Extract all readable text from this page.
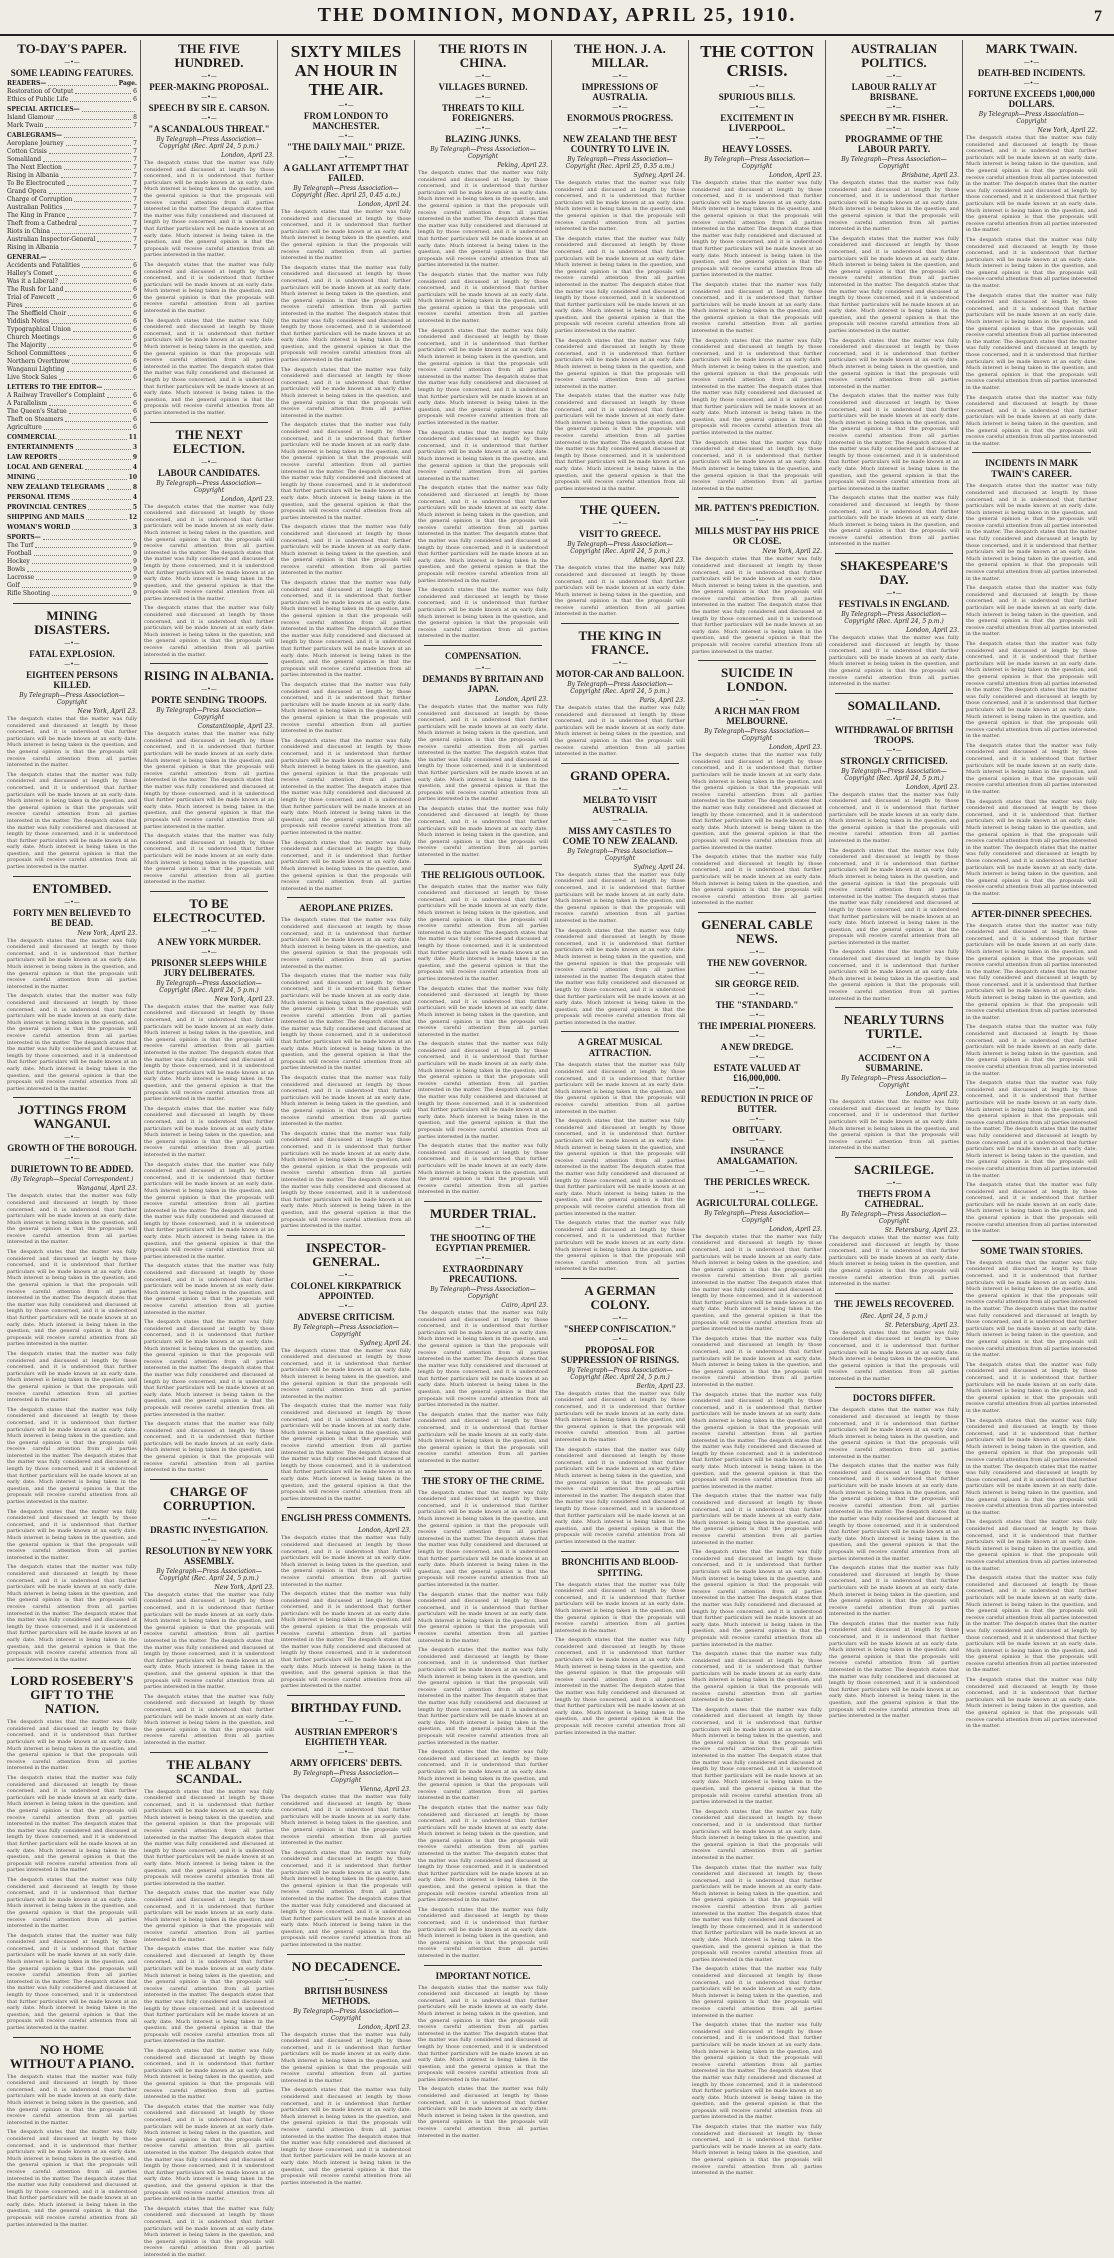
THE DOMINION, MONDAY, APRIL 25, 1910.	7
TO-DAY'S PAPER.
—•—
SOME LEADING FEATURES.
READERS—	Page.
Restoration of Output	6
Ethics of Public Life	6
SPECIAL ARTICLES—
Island Glamour	8
Mark Twain	7
CABLEGRAMS—
Aeroplane Journey	7
Cotton Crisis	7
Somaliland	7
The Next Election	7
Rising in Albania	7
To Be Electrocuted	7
Grand Opera	7
Charge of Corruption	7
Australian Politics	7
The King in France	7
Theft from a Cathedral	7
Riots in China	7
Australian Inspector-General	7
Rising in Albania	7
GENERAL—
Accidents and Fatalities	6
Halley's Comet	6
Was it a Liberal?	6
The Rush for Land	6
Trial of Fawcett	6
Fires	6
The Sheffield Choir	6
Yiddish Notes	6
Typographical Union	6
Church Meetings	6
The Majority	6
School Committees	6
Northern Overthrow	6
Wanganui Lighting	6
Live Stock Sales	6
LETTERS TO THE EDITOR—
A Railway Traveller's Complaint	6
A Parallelism	6
The Queen's Statue	6
Theft on Steamers	6
Agriculture	6
COMMERCIAL	11
ENTERTAINMENTS	3
LAW REPORTS	9
LOCAL AND GENERAL	4
MINING	10
NEW ZEALAND TELEGRAMS	8
PERSONAL ITEMS	4
PROVINCIAL CENTRES	5
SHIPPING AND MAILS	12
WOMAN'S WORLD	3
SPORTS—
The Turf	9
Football	9
Hockey	9
Bowls	9
Lacrosse	9
Golf	9
Rifle Shooting	9
MINING DISASTERS.
—•—
FATAL EXPLOSION.
—•—
EIGHTEEN PERSONS KILLED.
By Telegraph—Press Association—Copyright
New York, April 23.

The despatch states that the matter was fully considered and discussed at length by those concerned, and it is understood that further particulars will be made known at an early date. Much interest is being taken in the question, and the general opinion is that the proposals will receive careful attention from all parties interested in the matter.

The despatch states that the matter was fully considered and discussed at length by those concerned, and it is understood that further particulars will be made known at an early date. Much interest is being taken in the question, and the general opinion is that the proposals will receive careful attention from all parties interested in the matter. The despatch states that the matter was fully considered and discussed at length by those concerned, and it is understood that further particulars will be made known at an early date. Much interest is being taken in the question, and the general opinion is that the proposals will receive careful attention from all parties interested in the matter.

ENTOMBED.
—•—
FORTY MEN BELIEVED TO BE DEAD.
New York, April 23.

The despatch states that the matter was fully considered and discussed at length by those concerned, and it is understood that further particulars will be made known at an early date. Much interest is being taken in the question, and the general opinion is that the proposals will receive careful attention from all parties interested in the matter.

The despatch states that the matter was fully considered and discussed at length by those concerned, and it is understood that further particulars will be made known at an early date. Much interest is being taken in the question, and the general opinion is that the proposals will receive careful attention from all parties interested in the matter. The despatch states that the matter was fully considered and discussed at length by those concerned, and it is understood that further particulars will be made known at an early date. Much interest is being taken in the question, and the general opinion is that the proposals will receive careful attention from all parties interested in the matter.

JOTTINGS FROM WANGANUI.
—•—
GROWTH OF THE BOROUGH.
—•—
DURIETOWN TO BE ADDED.
(By Telegraph—Special Correspondent.)
Wanganui, April 23.

The despatch states that the matter was fully considered and discussed at length by those concerned, and it is understood that further particulars will be made known at an early date. Much interest is being taken in the question, and the general opinion is that the proposals will receive careful attention from all parties interested in the matter.

The despatch states that the matter was fully considered and discussed at length by those concerned, and it is understood that further particulars will be made known at an early date. Much interest is being taken in the question, and the general opinion is that the proposals will receive careful attention from all parties interested in the matter. The despatch states that the matter was fully considered and discussed at length by those concerned, and it is understood that further particulars will be made known at an early date. Much interest is being taken in the question, and the general opinion is that the proposals will receive careful attention from all parties interested in the matter.

The despatch states that the matter was fully considered and discussed at length by those concerned, and it is understood that further particulars will be made known at an early date. Much interest is being taken in the question, and the general opinion is that the proposals will receive careful attention from all parties interested in the matter.

The despatch states that the matter was fully considered and discussed at length by those concerned, and it is understood that further particulars will be made known at an early date. Much interest is being taken in the question, and the general opinion is that the proposals will receive careful attention from all parties interested in the matter. The despatch states that the matter was fully considered and discussed at length by those concerned, and it is understood that further particulars will be made known at an early date. Much interest is being taken in the question, and the general opinion is that the proposals will receive careful attention from all parties interested in the matter.

The despatch states that the matter was fully considered and discussed at length by those concerned, and it is understood that further particulars will be made known at an early date. Much interest is being taken in the question, and the general opinion is that the proposals will receive careful attention from all parties interested in the matter.

The despatch states that the matter was fully considered and discussed at length by those concerned, and it is understood that further particulars will be made known at an early date. Much interest is being taken in the question, and the general opinion is that the proposals will receive careful attention from all parties interested in the matter. The despatch states that the matter was fully considered and discussed at length by those concerned, and it is understood that further particulars will be made known at an early date. Much interest is being taken in the question, and the general opinion is that the proposals will receive careful attention from all parties interested in the matter.

LORD ROSEBERY'S GIFT TO THE NATION.

The despatch states that the matter was fully considered and discussed at length by those concerned, and it is understood that further particulars will be made known at an early date. Much interest is being taken in the question, and the general opinion is that the proposals will receive careful attention from all parties interested in the matter.

The despatch states that the matter was fully considered and discussed at length by those concerned, and it is understood that further particulars will be made known at an early date. Much interest is being taken in the question, and the general opinion is that the proposals will receive careful attention from all parties interested in the matter. The despatch states that the matter was fully considered and discussed at length by those concerned, and it is understood that further particulars will be made known at an early date. Much interest is being taken in the question, and the general opinion is that the proposals will receive careful attention from all parties interested in the matter.

The despatch states that the matter was fully considered and discussed at length by those concerned, and it is understood that further particulars will be made known at an early date. Much interest is being taken in the question, and the general opinion is that the proposals will receive careful attention from all parties interested in the matter.

The despatch states that the matter was fully considered and discussed at length by those concerned, and it is understood that further particulars will be made known at an early date. Much interest is being taken in the question, and the general opinion is that the proposals will receive careful attention from all parties interested in the matter. The despatch states that the matter was fully considered and discussed at length by those concerned, and it is understood that further particulars will be made known at an early date. Much interest is being taken in the question, and the general opinion is that the proposals will receive careful attention from all parties interested in the matter.

NO HOME WITHOUT A PIANO.

The despatch states that the matter was fully considered and discussed at length by those concerned, and it is understood that further particulars will be made known at an early date. Much interest is being taken in the question, and the general opinion is that the proposals will receive careful attention from all parties interested in the matter.

The despatch states that the matter was fully considered and discussed at length by those concerned, and it is understood that further particulars will be made known at an early date. Much interest is being taken in the question, and the general opinion is that the proposals will receive careful attention from all parties interested in the matter. The despatch states that the matter was fully considered and discussed at length by those concerned, and it is understood that further particulars will be made known at an early date. Much interest is being taken in the question, and the general opinion is that the proposals will receive careful attention from all parties interested in the matter.

THE FIVE HUNDRED.
—•—
PEER-MAKING PROPOSAL.
—•—
SPEECH BY SIR E. CARSON.
—•—
"A SCANDALOUS THREAT."
By Telegraph—Press Association—Copyright (Rec. April 24, 5 p.m.)
London, April 23.

The despatch states that the matter was fully considered and discussed at length by those concerned, and it is understood that further particulars will be made known at an early date. Much interest is being taken in the question, and the general opinion is that the proposals will receive careful attention from all parties interested in the matter. The despatch states that the matter was fully considered and discussed at length by those concerned, and it is understood that further particulars will be made known at an early date. Much interest is being taken in the question, and the general opinion is that the proposals will receive careful attention from all parties interested in the matter.

The despatch states that the matter was fully considered and discussed at length by those concerned, and it is understood that further particulars will be made known at an early date. Much interest is being taken in the question, and the general opinion is that the proposals will receive careful attention from all parties interested in the matter.

The despatch states that the matter was fully considered and discussed at length by those concerned, and it is understood that further particulars will be made known at an early date. Much interest is being taken in the question, and the general opinion is that the proposals will receive careful attention from all parties interested in the matter. The despatch states that the matter was fully considered and discussed at length by those concerned, and it is understood that further particulars will be made known at an early date. Much interest is being taken in the question, and the general opinion is that the proposals will receive careful attention from all parties interested in the matter.

THE NEXT ELECTION.
—•—
LABOUR CANDIDATES.
By Telegraph—Press Association—Copyright
London, April 23.

The despatch states that the matter was fully considered and discussed at length by those concerned, and it is understood that further particulars will be made known at an early date. Much interest is being taken in the question, and the general opinion is that the proposals will receive careful attention from all parties interested in the matter. The despatch states that the matter was fully considered and discussed at length by those concerned, and it is understood that further particulars will be made known at an early date. Much interest is being taken in the question, and the general opinion is that the proposals will receive careful attention from all parties interested in the matter.

The despatch states that the matter was fully considered and discussed at length by those concerned, and it is understood that further particulars will be made known at an early date. Much interest is being taken in the question, and the general opinion is that the proposals will receive careful attention from all parties interested in the matter.

RISING IN ALBANIA.
—•—
PORTE SENDING TROOPS.
By Telegraph—Press Association—Copyright
Constantinople, April 23.

The despatch states that the matter was fully considered and discussed at length by those concerned, and it is understood that further particulars will be made known at an early date. Much interest is being taken in the question, and the general opinion is that the proposals will receive careful attention from all parties interested in the matter. The despatch states that the matter was fully considered and discussed at length by those concerned, and it is understood that further particulars will be made known at an early date. Much interest is being taken in the question, and the general opinion is that the proposals will receive careful attention from all parties interested in the matter.

The despatch states that the matter was fully considered and discussed at length by those concerned, and it is understood that further particulars will be made known at an early date. Much interest is being taken in the question, and the general opinion is that the proposals will receive careful attention from all parties interested in the matter.

TO BE ELECTROCUTED.
—•—
A NEW YORK MURDER.
—•—
PRISONER SLEEPS WHILE JURY DELIBERATES.
By Telegraph—Press Association—Copyright (Rec. April 24, 5 p.m.)
New York, April 23.

The despatch states that the matter was fully considered and discussed at length by those concerned, and it is understood that further particulars will be made known at an early date. Much interest is being taken in the question, and the general opinion is that the proposals will receive careful attention from all parties interested in the matter. The despatch states that the matter was fully considered and discussed at length by those concerned, and it is understood that further particulars will be made known at an early date. Much interest is being taken in the question, and the general opinion is that the proposals will receive careful attention from all parties interested in the matter.

The despatch states that the matter was fully considered and discussed at length by those concerned, and it is understood that further particulars will be made known at an early date. Much interest is being taken in the question, and the general opinion is that the proposals will receive careful attention from all parties interested in the matter.

The despatch states that the matter was fully considered and discussed at length by those concerned, and it is understood that further particulars will be made known at an early date. Much interest is being taken in the question, and the general opinion is that the proposals will receive careful attention from all parties interested in the matter. The despatch states that the matter was fully considered and discussed at length by those concerned, and it is understood that further particulars will be made known at an early date. Much interest is being taken in the question, and the general opinion is that the proposals will receive careful attention from all parties interested in the matter.

The despatch states that the matter was fully considered and discussed at length by those concerned, and it is understood that further particulars will be made known at an early date. Much interest is being taken in the question, and the general opinion is that the proposals will receive careful attention from all parties interested in the matter.

The despatch states that the matter was fully considered and discussed at length by those concerned, and it is understood that further particulars will be made known at an early date. Much interest is being taken in the question, and the general opinion is that the proposals will receive careful attention from all parties interested in the matter. The despatch states that the matter was fully considered and discussed at length by those concerned, and it is understood that further particulars will be made known at an early date. Much interest is being taken in the question, and the general opinion is that the proposals will receive careful attention from all parties interested in the matter.

The despatch states that the matter was fully considered and discussed at length by those concerned, and it is understood that further particulars will be made known at an early date. Much interest is being taken in the question, and the general opinion is that the proposals will receive careful attention from all parties interested in the matter.

CHARGE OF CORRUPTION.
—•—
DRASTIC INVESTIGATION.
—•—
RESOLUTION BY NEW YORK ASSEMBLY.
By Telegraph—Press Association—Copyright (Rec. April 24, 5 p.m.)
New York, April 23.

The despatch states that the matter was fully considered and discussed at length by those concerned, and it is understood that further particulars will be made known at an early date. Much interest is being taken in the question, and the general opinion is that the proposals will receive careful attention from all parties interested in the matter. The despatch states that the matter was fully considered and discussed at length by those concerned, and it is understood that further particulars will be made known at an early date. Much interest is being taken in the question, and the general opinion is that the proposals will receive careful attention from all parties interested in the matter.

The despatch states that the matter was fully considered and discussed at length by those concerned, and it is understood that further particulars will be made known at an early date. Much interest is being taken in the question, and the general opinion is that the proposals will receive careful attention from all parties interested in the matter.

THE ALBANY SCANDAL.

The despatch states that the matter was fully considered and discussed at length by those concerned, and it is understood that further particulars will be made known at an early date. Much interest is being taken in the question, and the general opinion is that the proposals will receive careful attention from all parties interested in the matter. The despatch states that the matter was fully considered and discussed at length by those concerned, and it is understood that further particulars will be made known at an early date. Much interest is being taken in the question, and the general opinion is that the proposals will receive careful attention from all parties interested in the matter.

The despatch states that the matter was fully considered and discussed at length by those concerned, and it is understood that further particulars will be made known at an early date. Much interest is being taken in the question, and the general opinion is that the proposals will receive careful attention from all parties interested in the matter.

The despatch states that the matter was fully considered and discussed at length by those concerned, and it is understood that further particulars will be made known at an early date. Much interest is being taken in the question, and the general opinion is that the proposals will receive careful attention from all parties interested in the matter. The despatch states that the matter was fully considered and discussed at length by those concerned, and it is understood that further particulars will be made known at an early date. Much interest is being taken in the question, and the general opinion is that the proposals will receive careful attention from all parties interested in the matter.

The despatch states that the matter was fully considered and discussed at length by those concerned, and it is understood that further particulars will be made known at an early date. Much interest is being taken in the question, and the general opinion is that the proposals will receive careful attention from all parties interested in the matter.

The despatch states that the matter was fully considered and discussed at length by those concerned, and it is understood that further particulars will be made known at an early date. Much interest is being taken in the question, and the general opinion is that the proposals will receive careful attention from all parties interested in the matter. The despatch states that the matter was fully considered and discussed at length by those concerned, and it is understood that further particulars will be made known at an early date. Much interest is being taken in the question, and the general opinion is that the proposals will receive careful attention from all parties interested in the matter.

The despatch states that the matter was fully considered and discussed at length by those concerned, and it is understood that further particulars will be made known at an early date. Much interest is being taken in the question, and the general opinion is that the proposals will receive careful attention from all parties interested in the matter.

SIXTY MILES AN HOUR IN THE AIR.
—•—
FROM LONDON TO MANCHESTER.
—•—
"THE DAILY MAIL" PRIZE.
—•—
A GALLANT ATTEMPT THAT FAILED.
By Telegraph—Press Association—Copyright (Rec. April 25, 0.45 a.m.)
London, April 24.

The despatch states that the matter was fully considered and discussed at length by those concerned, and it is understood that further particulars will be made known at an early date. Much interest is being taken in the question, and the general opinion is that the proposals will receive careful attention from all parties interested in the matter.

The despatch states that the matter was fully considered and discussed at length by those concerned, and it is understood that further particulars will be made known at an early date. Much interest is being taken in the question, and the general opinion is that the proposals will receive careful attention from all parties interested in the matter. The despatch states that the matter was fully considered and discussed at length by those concerned, and it is understood that further particulars will be made known at an early date. Much interest is being taken in the question, and the general opinion is that the proposals will receive careful attention from all parties interested in the matter.

The despatch states that the matter was fully considered and discussed at length by those concerned, and it is understood that further particulars will be made known at an early date. Much interest is being taken in the question, and the general opinion is that the proposals will receive careful attention from all parties interested in the matter.

The despatch states that the matter was fully considered and discussed at length by those concerned, and it is understood that further particulars will be made known at an early date. Much interest is being taken in the question, and the general opinion is that the proposals will receive careful attention from all parties interested in the matter. The despatch states that the matter was fully considered and discussed at length by those concerned, and it is understood that further particulars will be made known at an early date. Much interest is being taken in the question, and the general opinion is that the proposals will receive careful attention from all parties interested in the matter.

The despatch states that the matter was fully considered and discussed at length by those concerned, and it is understood that further particulars will be made known at an early date. Much interest is being taken in the question, and the general opinion is that the proposals will receive careful attention from all parties interested in the matter.

The despatch states that the matter was fully considered and discussed at length by those concerned, and it is understood that further particulars will be made known at an early date. Much interest is being taken in the question, and the general opinion is that the proposals will receive careful attention from all parties interested in the matter. The despatch states that the matter was fully considered and discussed at length by those concerned, and it is understood that further particulars will be made known at an early date. Much interest is being taken in the question, and the general opinion is that the proposals will receive careful attention from all parties interested in the matter.

The despatch states that the matter was fully considered and discussed at length by those concerned, and it is understood that further particulars will be made known at an early date. Much interest is being taken in the question, and the general opinion is that the proposals will receive careful attention from all parties interested in the matter.

The despatch states that the matter was fully considered and discussed at length by those concerned, and it is understood that further particulars will be made known at an early date. Much interest is being taken in the question, and the general opinion is that the proposals will receive careful attention from all parties interested in the matter. The despatch states that the matter was fully considered and discussed at length by those concerned, and it is understood that further particulars will be made known at an early date. Much interest is being taken in the question, and the general opinion is that the proposals will receive careful attention from all parties interested in the matter.

The despatch states that the matter was fully considered and discussed at length by those concerned, and it is understood that further particulars will be made known at an early date. Much interest is being taken in the question, and the general opinion is that the proposals will receive careful attention from all parties interested in the matter.

AEROPLANE PRIZES.

The despatch states that the matter was fully considered and discussed at length by those concerned, and it is understood that further particulars will be made known at an early date. Much interest is being taken in the question, and the general opinion is that the proposals will receive careful attention from all parties interested in the matter.

The despatch states that the matter was fully considered and discussed at length by those concerned, and it is understood that further particulars will be made known at an early date. Much interest is being taken in the question, and the general opinion is that the proposals will receive careful attention from all parties interested in the matter. The despatch states that the matter was fully considered and discussed at length by those concerned, and it is understood that further particulars will be made known at an early date. Much interest is being taken in the question, and the general opinion is that the proposals will receive careful attention from all parties interested in the matter.

The despatch states that the matter was fully considered and discussed at length by those concerned, and it is understood that further particulars will be made known at an early date. Much interest is being taken in the question, and the general opinion is that the proposals will receive careful attention from all parties interested in the matter.

The despatch states that the matter was fully considered and discussed at length by those concerned, and it is understood that further particulars will be made known at an early date. Much interest is being taken in the question, and the general opinion is that the proposals will receive careful attention from all parties interested in the matter. The despatch states that the matter was fully considered and discussed at length by those concerned, and it is understood that further particulars will be made known at an early date. Much interest is being taken in the question, and the general opinion is that the proposals will receive careful attention from all parties interested in the matter.

INSPECTOR-GENERAL.
—•—
COLONEL KIRKPATRICK APPOINTED.
—•—
ADVERSE CRITICISM.
By Telegraph—Press Association—Copyright
Sydney, April 24.

The despatch states that the matter was fully considered and discussed at length by those concerned, and it is understood that further particulars will be made known at an early date. Much interest is being taken in the question, and the general opinion is that the proposals will receive careful attention from all parties interested in the matter.

The despatch states that the matter was fully considered and discussed at length by those concerned, and it is understood that further particulars will be made known at an early date. Much interest is being taken in the question, and the general opinion is that the proposals will receive careful attention from all parties interested in the matter. The despatch states that the matter was fully considered and discussed at length by those concerned, and it is understood that further particulars will be made known at an early date. Much interest is being taken in the question, and the general opinion is that the proposals will receive careful attention from all parties interested in the matter.

ENGLISH PRESS COMMENTS.
London, April 23.

The despatch states that the matter was fully considered and discussed at length by those concerned, and it is understood that further particulars will be made known at an early date. Much interest is being taken in the question, and the general opinion is that the proposals will receive careful attention from all parties interested in the matter.

The despatch states that the matter was fully considered and discussed at length by those concerned, and it is understood that further particulars will be made known at an early date. Much interest is being taken in the question, and the general opinion is that the proposals will receive careful attention from all parties interested in the matter. The despatch states that the matter was fully considered and discussed at length by those concerned, and it is understood that further particulars will be made known at an early date. Much interest is being taken in the question, and the general opinion is that the proposals will receive careful attention from all parties interested in the matter.

BIRTHDAY FUND.
—•—
AUSTRIAN EMPEROR'S EIGHTIETH YEAR.
—•—
ARMY OFFICERS' DEBTS.
By Telegraph—Press Association—Copyright
Vienna, April 23.

The despatch states that the matter was fully considered and discussed at length by those concerned, and it is understood that further particulars will be made known at an early date. Much interest is being taken in the question, and the general opinion is that the proposals will receive careful attention from all parties interested in the matter.

The despatch states that the matter was fully considered and discussed at length by those concerned, and it is understood that further particulars will be made known at an early date. Much interest is being taken in the question, and the general opinion is that the proposals will receive careful attention from all parties interested in the matter. The despatch states that the matter was fully considered and discussed at length by those concerned, and it is understood that further particulars will be made known at an early date. Much interest is being taken in the question, and the general opinion is that the proposals will receive careful attention from all parties interested in the matter.

NO DECADENCE.
—•—
BRITISH BUSINESS METHODS.
By Telegraph—Press Association—Copyright
London, April 23.

The despatch states that the matter was fully considered and discussed at length by those concerned, and it is understood that further particulars will be made known at an early date. Much interest is being taken in the question, and the general opinion is that the proposals will receive careful attention from all parties interested in the matter.

The despatch states that the matter was fully considered and discussed at length by those concerned, and it is understood that further particulars will be made known at an early date. Much interest is being taken in the question, and the general opinion is that the proposals will receive careful attention from all parties interested in the matter. The despatch states that the matter was fully considered and discussed at length by those concerned, and it is understood that further particulars will be made known at an early date. Much interest is being taken in the question, and the general opinion is that the proposals will receive careful attention from all parties interested in the matter.

THE RIOTS IN CHINA.
—•—
VILLAGES BURNED.
—•—
THREATS TO KILL FOREIGNERS.
—•—
BLAZING JUNKS.
By Telegraph—Press Association—Copyright
Peking, April 23.

The despatch states that the matter was fully considered and discussed at length by those concerned, and it is understood that further particulars will be made known at an early date. Much interest is being taken in the question, and the general opinion is that the proposals will receive careful attention from all parties interested in the matter. The despatch states that the matter was fully considered and discussed at length by those concerned, and it is understood that further particulars will be made known at an early date. Much interest is being taken in the question, and the general opinion is that the proposals will receive careful attention from all parties interested in the matter.

The despatch states that the matter was fully considered and discussed at length by those concerned, and it is understood that further particulars will be made known at an early date. Much interest is being taken in the question, and the general opinion is that the proposals will receive careful attention from all parties interested in the matter.

The despatch states that the matter was fully considered and discussed at length by those concerned, and it is understood that further particulars will be made known at an early date. Much interest is being taken in the question, and the general opinion is that the proposals will receive careful attention from all parties interested in the matter. The despatch states that the matter was fully considered and discussed at length by those concerned, and it is understood that further particulars will be made known at an early date. Much interest is being taken in the question, and the general opinion is that the proposals will receive careful attention from all parties interested in the matter.

The despatch states that the matter was fully considered and discussed at length by those concerned, and it is understood that further particulars will be made known at an early date. Much interest is being taken in the question, and the general opinion is that the proposals will receive careful attention from all parties interested in the matter.

The despatch states that the matter was fully considered and discussed at length by those concerned, and it is understood that further particulars will be made known at an early date. Much interest is being taken in the question, and the general opinion is that the proposals will receive careful attention from all parties interested in the matter. The despatch states that the matter was fully considered and discussed at length by those concerned, and it is understood that further particulars will be made known at an early date. Much interest is being taken in the question, and the general opinion is that the proposals will receive careful attention from all parties interested in the matter.

The despatch states that the matter was fully considered and discussed at length by those concerned, and it is understood that further particulars will be made known at an early date. Much interest is being taken in the question, and the general opinion is that the proposals will receive careful attention from all parties interested in the matter.

COMPENSATION.
—•—
DEMANDS BY BRITAIN AND JAPAN.
London, April 23.

The despatch states that the matter was fully considered and discussed at length by those concerned, and it is understood that further particulars will be made known at an early date. Much interest is being taken in the question, and the general opinion is that the proposals will receive careful attention from all parties interested in the matter. The despatch states that the matter was fully considered and discussed at length by those concerned, and it is understood that further particulars will be made known at an early date. Much interest is being taken in the question, and the general opinion is that the proposals will receive careful attention from all parties interested in the matter.

The despatch states that the matter was fully considered and discussed at length by those concerned, and it is understood that further particulars will be made known at an early date. Much interest is being taken in the question, and the general opinion is that the proposals will receive careful attention from all parties interested in the matter.

THE RELIGIOUS OUTLOOK.

The despatch states that the matter was fully considered and discussed at length by those concerned, and it is understood that further particulars will be made known at an early date. Much interest is being taken in the question, and the general opinion is that the proposals will receive careful attention from all parties interested in the matter. The despatch states that the matter was fully considered and discussed at length by those concerned, and it is understood that further particulars will be made known at an early date. Much interest is being taken in the question, and the general opinion is that the proposals will receive careful attention from all parties interested in the matter.

The despatch states that the matter was fully considered and discussed at length by those concerned, and it is understood that further particulars will be made known at an early date. Much interest is being taken in the question, and the general opinion is that the proposals will receive careful attention from all parties interested in the matter.

The despatch states that the matter was fully considered and discussed at length by those concerned, and it is understood that further particulars will be made known at an early date. Much interest is being taken in the question, and the general opinion is that the proposals will receive careful attention from all parties interested in the matter. The despatch states that the matter was fully considered and discussed at length by those concerned, and it is understood that further particulars will be made known at an early date. Much interest is being taken in the question, and the general opinion is that the proposals will receive careful attention from all parties interested in the matter.

The despatch states that the matter was fully considered and discussed at length by those concerned, and it is understood that further particulars will be made known at an early date. Much interest is being taken in the question, and the general opinion is that the proposals will receive careful attention from all parties interested in the matter.

MURDER TRIAL.
—•—
THE SHOOTING OF THE EGYPTIAN PREMIER.
—•—
EXTRAORDINARY PRECAUTIONS.
By Telegraph—Press Association—Copyright
Cairo, April 23.

The despatch states that the matter was fully considered and discussed at length by those concerned, and it is understood that further particulars will be made known at an early date. Much interest is being taken in the question, and the general opinion is that the proposals will receive careful attention from all parties interested in the matter. The despatch states that the matter was fully considered and discussed at length by those concerned, and it is understood that further particulars will be made known at an early date. Much interest is being taken in the question, and the general opinion is that the proposals will receive careful attention from all parties interested in the matter.

The despatch states that the matter was fully considered and discussed at length by those concerned, and it is understood that further particulars will be made known at an early date. Much interest is being taken in the question, and the general opinion is that the proposals will receive careful attention from all parties interested in the matter.

THE STORY OF THE CRIME.

The despatch states that the matter was fully considered and discussed at length by those concerned, and it is understood that further particulars will be made known at an early date. Much interest is being taken in the question, and the general opinion is that the proposals will receive careful attention from all parties interested in the matter. The despatch states that the matter was fully considered and discussed at length by those concerned, and it is understood that further particulars will be made known at an early date. Much interest is being taken in the question, and the general opinion is that the proposals will receive careful attention from all parties interested in the matter.

The despatch states that the matter was fully considered and discussed at length by those concerned, and it is understood that further particulars will be made known at an early date. Much interest is being taken in the question, and the general opinion is that the proposals will receive careful attention from all parties interested in the matter.

The despatch states that the matter was fully considered and discussed at length by those concerned, and it is understood that further particulars will be made known at an early date. Much interest is being taken in the question, and the general opinion is that the proposals will receive careful attention from all parties interested in the matter. The despatch states that the matter was fully considered and discussed at length by those concerned, and it is understood that further particulars will be made known at an early date. Much interest is being taken in the question, and the general opinion is that the proposals will receive careful attention from all parties interested in the matter.

The despatch states that the matter was fully considered and discussed at length by those concerned, and it is understood that further particulars will be made known at an early date. Much interest is being taken in the question, and the general opinion is that the proposals will receive careful attention from all parties interested in the matter.

The despatch states that the matter was fully considered and discussed at length by those concerned, and it is understood that further particulars will be made known at an early date. Much interest is being taken in the question, and the general opinion is that the proposals will receive careful attention from all parties interested in the matter. The despatch states that the matter was fully considered and discussed at length by those concerned, and it is understood that further particulars will be made known at an early date. Much interest is being taken in the question, and the general opinion is that the proposals will receive careful attention from all parties interested in the matter.

The despatch states that the matter was fully considered and discussed at length by those concerned, and it is understood that further particulars will be made known at an early date. Much interest is being taken in the question, and the general opinion is that the proposals will receive careful attention from all parties interested in the matter.

IMPORTANT NOTICE.

The despatch states that the matter was fully considered and discussed at length by those concerned, and it is understood that further particulars will be made known at an early date. Much interest is being taken in the question, and the general opinion is that the proposals will receive careful attention from all parties interested in the matter. The despatch states that the matter was fully considered and discussed at length by those concerned, and it is understood that further particulars will be made known at an early date. Much interest is being taken in the question, and the general opinion is that the proposals will receive careful attention from all parties interested in the matter.

The despatch states that the matter was fully considered and discussed at length by those concerned, and it is understood that further particulars will be made known at an early date. Much interest is being taken in the question, and the general opinion is that the proposals will receive careful attention from all parties interested in the matter.

THE HON. J. A. MILLAR.
—•—
IMPRESSIONS OF AUSTRALIA.
—•—
ENORMOUS PROGRESS.
—•—
NEW ZEALAND THE BEST COUNTRY TO LIVE IN.
By Telegraph—Press Association—Copyright (Rec. April 25, 0.35 a.m.)
Sydney, April 24.

The despatch states that the matter was fully considered and discussed at length by those concerned, and it is understood that further particulars will be made known at an early date. Much interest is being taken in the question, and the general opinion is that the proposals will receive careful attention from all parties interested in the matter.

The despatch states that the matter was fully considered and discussed at length by those concerned, and it is understood that further particulars will be made known at an early date. Much interest is being taken in the question, and the general opinion is that the proposals will receive careful attention from all parties interested in the matter. The despatch states that the matter was fully considered and discussed at length by those concerned, and it is understood that further particulars will be made known at an early date. Much interest is being taken in the question, and the general opinion is that the proposals will receive careful attention from all parties interested in the matter.

The despatch states that the matter was fully considered and discussed at length by those concerned, and it is understood that further particulars will be made known at an early date. Much interest is being taken in the question, and the general opinion is that the proposals will receive careful attention from all parties interested in the matter.

The despatch states that the matter was fully considered and discussed at length by those concerned, and it is understood that further particulars will be made known at an early date. Much interest is being taken in the question, and the general opinion is that the proposals will receive careful attention from all parties interested in the matter. The despatch states that the matter was fully considered and discussed at length by those concerned, and it is understood that further particulars will be made known at an early date. Much interest is being taken in the question, and the general opinion is that the proposals will receive careful attention from all parties interested in the matter.

THE QUEEN.
—•—
VISIT TO GREECE.
By Telegraph—Press Association—Copyright (Rec. April 24, 5 p.m.)
Athens, April 23.

The despatch states that the matter was fully considered and discussed at length by those concerned, and it is understood that further particulars will be made known at an early date. Much interest is being taken in the question, and the general opinion is that the proposals will receive careful attention from all parties interested in the matter.

THE KING IN FRANCE.
—•—
MOTOR-CAR AND BALLOON.
By Telegraph—Press Association—Copyright (Rec. April 24, 5 p.m.)
Paris, April 23.

The despatch states that the matter was fully considered and discussed at length by those concerned, and it is understood that further particulars will be made known at an early date. Much interest is being taken in the question, and the general opinion is that the proposals will receive careful attention from all parties interested in the matter.

GRAND OPERA.
—•—
MELBA TO VISIT AUSTRALIA.
—•—
MISS AMY CASTLES TO COME TO NEW ZEALAND.
By Telegraph—Press Association—Copyright
Sydney, April 24.

The despatch states that the matter was fully considered and discussed at length by those concerned, and it is understood that further particulars will be made known at an early date. Much interest is being taken in the question, and the general opinion is that the proposals will receive careful attention from all parties interested in the matter.

The despatch states that the matter was fully considered and discussed at length by those concerned, and it is understood that further particulars will be made known at an early date. Much interest is being taken in the question, and the general opinion is that the proposals will receive careful attention from all parties interested in the matter. The despatch states that the matter was fully considered and discussed at length by those concerned, and it is understood that further particulars will be made known at an early date. Much interest is being taken in the question, and the general opinion is that the proposals will receive careful attention from all parties interested in the matter.

A GREAT MUSICAL ATTRACTION.

The despatch states that the matter was fully considered and discussed at length by those concerned, and it is understood that further particulars will be made known at an early date. Much interest is being taken in the question, and the general opinion is that the proposals will receive careful attention from all parties interested in the matter.

The despatch states that the matter was fully considered and discussed at length by those concerned, and it is understood that further particulars will be made known at an early date. Much interest is being taken in the question, and the general opinion is that the proposals will receive careful attention from all parties interested in the matter. The despatch states that the matter was fully considered and discussed at length by those concerned, and it is understood that further particulars will be made known at an early date. Much interest is being taken in the question, and the general opinion is that the proposals will receive careful attention from all parties interested in the matter.

The despatch states that the matter was fully considered and discussed at length by those concerned, and it is understood that further particulars will be made known at an early date. Much interest is being taken in the question, and the general opinion is that the proposals will receive careful attention from all parties interested in the matter.

A GERMAN COLONY.
—•—
"SHEEP CONFISCATION."
—•—
PROPOSAL FOR SUPPRESSION OF RISINGS.
By Telegraph—Press Association—Copyright (Rec. April 24, 5 p.m.)
Berlin, April 23.

The despatch states that the matter was fully considered and discussed at length by those concerned, and it is understood that further particulars will be made known at an early date. Much interest is being taken in the question, and the general opinion is that the proposals will receive careful attention from all parties interested in the matter.

The despatch states that the matter was fully considered and discussed at length by those concerned, and it is understood that further particulars will be made known at an early date. Much interest is being taken in the question, and the general opinion is that the proposals will receive careful attention from all parties interested in the matter. The despatch states that the matter was fully considered and discussed at length by those concerned, and it is understood that further particulars will be made known at an early date. Much interest is being taken in the question, and the general opinion is that the proposals will receive careful attention from all parties interested in the matter.

BRONCHITIS AND BLOOD-SPITTING.

The despatch states that the matter was fully considered and discussed at length by those concerned, and it is understood that further particulars will be made known at an early date. Much interest is being taken in the question, and the general opinion is that the proposals will receive careful attention from all parties interested in the matter.

The despatch states that the matter was fully considered and discussed at length by those concerned, and it is understood that further particulars will be made known at an early date. Much interest is being taken in the question, and the general opinion is that the proposals will receive careful attention from all parties interested in the matter. The despatch states that the matter was fully considered and discussed at length by those concerned, and it is understood that further particulars will be made known at an early date. Much interest is being taken in the question, and the general opinion is that the proposals will receive careful attention from all parties interested in the matter.

THE COTTON CRISIS.
—•—
SPURIOUS BILLS.
—•—
EXCITEMENT IN LIVERPOOL.
—•—
HEAVY LOSSES.
By Telegraph—Press Association—Copyright
London, April 23.

The despatch states that the matter was fully considered and discussed at length by those concerned, and it is understood that further particulars will be made known at an early date. Much interest is being taken in the question, and the general opinion is that the proposals will receive careful attention from all parties interested in the matter. The despatch states that the matter was fully considered and discussed at length by those concerned, and it is understood that further particulars will be made known at an early date. Much interest is being taken in the question, and the general opinion is that the proposals will receive careful attention from all parties interested in the matter.

The despatch states that the matter was fully considered and discussed at length by those concerned, and it is understood that further particulars will be made known at an early date. Much interest is being taken in the question, and the general opinion is that the proposals will receive careful attention from all parties interested in the matter.

The despatch states that the matter was fully considered and discussed at length by those concerned, and it is understood that further particulars will be made known at an early date. Much interest is being taken in the question, and the general opinion is that the proposals will receive careful attention from all parties interested in the matter. The despatch states that the matter was fully considered and discussed at length by those concerned, and it is understood that further particulars will be made known at an early date. Much interest is being taken in the question, and the general opinion is that the proposals will receive careful attention from all parties interested in the matter.

The despatch states that the matter was fully considered and discussed at length by those concerned, and it is understood that further particulars will be made known at an early date. Much interest is being taken in the question, and the general opinion is that the proposals will receive careful attention from all parties interested in the matter.

MR. PATTEN'S PREDICTION.
—•—
MILLS MUST PAY HIS PRICE OR CLOSE.
New York, April 22.

The despatch states that the matter was fully considered and discussed at length by those concerned, and it is understood that further particulars will be made known at an early date. Much interest is being taken in the question, and the general opinion is that the proposals will receive careful attention from all parties interested in the matter. The despatch states that the matter was fully considered and discussed at length by those concerned, and it is understood that further particulars will be made known at an early date. Much interest is being taken in the question, and the general opinion is that the proposals will receive careful attention from all parties interested in the matter.

SUICIDE IN LONDON.
—•—
A RICH MAN FROM MELBOURNE.
By Telegraph—Press Association—Copyright
London, April 23.

The despatch states that the matter was fully considered and discussed at length by those concerned, and it is understood that further particulars will be made known at an early date. Much interest is being taken in the question, and the general opinion is that the proposals will receive careful attention from all parties interested in the matter. The despatch states that the matter was fully considered and discussed at length by those concerned, and it is understood that further particulars will be made known at an early date. Much interest is being taken in the question, and the general opinion is that the proposals will receive careful attention from all parties interested in the matter.

The despatch states that the matter was fully considered and discussed at length by those concerned, and it is understood that further particulars will be made known at an early date. Much interest is being taken in the question, and the general opinion is that the proposals will receive careful attention from all parties interested in the matter.

GENERAL CABLE NEWS.
—•—
THE NEW GOVERNOR.
—•—
SIR GEORGE REID.
—•—
THE "STANDARD."
—•—
THE IMPERIAL PIONEERS.
—•—
A NEW DREDGE.
—•—
ESTATE VALUED AT £16,000,000.
—•—
REDUCTION IN PRICE OF BUTTER.
—•—
OBITUARY.
—•—
INSURANCE AMALGAMATION.
—•—
THE PERICLES WRECK.
—•—
AGRICULTURAL COLLEGE.
By Telegraph—Press Association—Copyright
London, April 23.

The despatch states that the matter was fully considered and discussed at length by those concerned, and it is understood that further particulars will be made known at an early date. Much interest is being taken in the question, and the general opinion is that the proposals will receive careful attention from all parties interested in the matter. The despatch states that the matter was fully considered and discussed at length by those concerned, and it is understood that further particulars will be made known at an early date. Much interest is being taken in the question, and the general opinion is that the proposals will receive careful attention from all parties interested in the matter.

The despatch states that the matter was fully considered and discussed at length by those concerned, and it is understood that further particulars will be made known at an early date. Much interest is being taken in the question, and the general opinion is that the proposals will receive careful attention from all parties interested in the matter.

The despatch states that the matter was fully considered and discussed at length by those concerned, and it is understood that further particulars will be made known at an early date. Much interest is being taken in the question, and the general opinion is that the proposals will receive careful attention from all parties interested in the matter. The despatch states that the matter was fully considered and discussed at length by those concerned, and it is understood that further particulars will be made known at an early date. Much interest is being taken in the question, and the general opinion is that the proposals will receive careful attention from all parties interested in the matter.

The despatch states that the matter was fully considered and discussed at length by those concerned, and it is understood that further particulars will be made known at an early date. Much interest is being taken in the question, and the general opinion is that the proposals will receive careful attention from all parties interested in the matter.

The despatch states that the matter was fully considered and discussed at length by those concerned, and it is understood that further particulars will be made known at an early date. Much interest is being taken in the question, and the general opinion is that the proposals will receive careful attention from all parties interested in the matter. The despatch states that the matter was fully considered and discussed at length by those concerned, and it is understood that further particulars will be made known at an early date. Much interest is being taken in the question, and the general opinion is that the proposals will receive careful attention from all parties interested in the matter.

The despatch states that the matter was fully considered and discussed at length by those concerned, and it is understood that further particulars will be made known at an early date. Much interest is being taken in the question, and the general opinion is that the proposals will receive careful attention from all parties interested in the matter.

The despatch states that the matter was fully considered and discussed at length by those concerned, and it is understood that further particulars will be made known at an early date. Much interest is being taken in the question, and the general opinion is that the proposals will receive careful attention from all parties interested in the matter. The despatch states that the matter was fully considered and discussed at length by those concerned, and it is understood that further particulars will be made known at an early date. Much interest is being taken in the question, and the general opinion is that the proposals will receive careful attention from all parties interested in the matter.

The despatch states that the matter was fully considered and discussed at length by those concerned, and it is understood that further particulars will be made known at an early date. Much interest is being taken in the question, and the general opinion is that the proposals will receive careful attention from all parties interested in the matter.

The despatch states that the matter was fully considered and discussed at length by those concerned, and it is understood that further particulars will be made known at an early date. Much interest is being taken in the question, and the general opinion is that the proposals will receive careful attention from all parties interested in the matter. The despatch states that the matter was fully considered and discussed at length by those concerned, and it is understood that further particulars will be made known at an early date. Much interest is being taken in the question, and the general opinion is that the proposals will receive careful attention from all parties interested in the matter.

The despatch states that the matter was fully considered and discussed at length by those concerned, and it is understood that further particulars will be made known at an early date. Much interest is being taken in the question, and the general opinion is that the proposals will receive careful attention from all parties interested in the matter.

The despatch states that the matter was fully considered and discussed at length by those concerned, and it is understood that further particulars will be made known at an early date. Much interest is being taken in the question, and the general opinion is that the proposals will receive careful attention from all parties interested in the matter. The despatch states that the matter was fully considered and discussed at length by those concerned, and it is understood that further particulars will be made known at an early date. Much interest is being taken in the question, and the general opinion is that the proposals will receive careful attention from all parties interested in the matter.

The despatch states that the matter was fully considered and discussed at length by those concerned, and it is understood that further particulars will be made known at an early date. Much interest is being taken in the question, and the general opinion is that the proposals will receive careful attention from all parties interested in the matter.

AUSTRALIAN POLITICS.
—•—
LABOUR RALLY AT BRISBANE.
—•—
SPEECH BY MR. FISHER.
—•—
PROGRAMME OF THE LABOUR PARTY.
By Telegraph—Press Association—Copyright
Brisbane, April 23.

The despatch states that the matter was fully considered and discussed at length by those concerned, and it is understood that further particulars will be made known at an early date. Much interest is being taken in the question, and the general opinion is that the proposals will receive careful attention from all parties interested in the matter.

The despatch states that the matter was fully considered and discussed at length by those concerned, and it is understood that further particulars will be made known at an early date. Much interest is being taken in the question, and the general opinion is that the proposals will receive careful attention from all parties interested in the matter. The despatch states that the matter was fully considered and discussed at length by those concerned, and it is understood that further particulars will be made known at an early date. Much interest is being taken in the question, and the general opinion is that the proposals will receive careful attention from all parties interested in the matter.

The despatch states that the matter was fully considered and discussed at length by those concerned, and it is understood that further particulars will be made known at an early date. Much interest is being taken in the question, and the general opinion is that the proposals will receive careful attention from all parties interested in the matter.

The despatch states that the matter was fully considered and discussed at length by those concerned, and it is understood that further particulars will be made known at an early date. Much interest is being taken in the question, and the general opinion is that the proposals will receive careful attention from all parties interested in the matter. The despatch states that the matter was fully considered and discussed at length by those concerned, and it is understood that further particulars will be made known at an early date. Much interest is being taken in the question, and the general opinion is that the proposals will receive careful attention from all parties interested in the matter.

The despatch states that the matter was fully considered and discussed at length by those concerned, and it is understood that further particulars will be made known at an early date. Much interest is being taken in the question, and the general opinion is that the proposals will receive careful attention from all parties interested in the matter.

SHAKESPEARE'S DAY.
—•—
FESTIVALS IN ENGLAND.
By Telegraph—Press Association—Copyright (Rec. April 24, 5 p.m.)
London, April 23.

The despatch states that the matter was fully considered and discussed at length by those concerned, and it is understood that further particulars will be made known at an early date. Much interest is being taken in the question, and the general opinion is that the proposals will receive careful attention from all parties interested in the matter.

SOMALILAND.
—•—
WITHDRAWAL OF BRITISH TROOPS.
—•—
STRONGLY CRITICISED.
By Telegraph—Press Association—Copyright (Rec. April 24, 5 p.m.)
London, April 23.

The despatch states that the matter was fully considered and discussed at length by those concerned, and it is understood that further particulars will be made known at an early date. Much interest is being taken in the question, and the general opinion is that the proposals will receive careful attention from all parties interested in the matter.

The despatch states that the matter was fully considered and discussed at length by those concerned, and it is understood that further particulars will be made known at an early date. Much interest is being taken in the question, and the general opinion is that the proposals will receive careful attention from all parties interested in the matter. The despatch states that the matter was fully considered and discussed at length by those concerned, and it is understood that further particulars will be made known at an early date. Much interest is being taken in the question, and the general opinion is that the proposals will receive careful attention from all parties interested in the matter.

The despatch states that the matter was fully considered and discussed at length by those concerned, and it is understood that further particulars will be made known at an early date. Much interest is being taken in the question, and the general opinion is that the proposals will receive careful attention from all parties interested in the matter.

NEARLY TURNS TURTLE.
—•—
ACCIDENT ON A SUBMARINE.
By Telegraph—Press Association—Copyright
London, April 23.

The despatch states that the matter was fully considered and discussed at length by those concerned, and it is understood that further particulars will be made known at an early date. Much interest is being taken in the question, and the general opinion is that the proposals will receive careful attention from all parties interested in the matter.

SACRILEGE.
—•—
THEFTS FROM A CATHEDRAL.
By Telegraph—Press Association—Copyright
St. Petersburg, April 23.

The despatch states that the matter was fully considered and discussed at length by those concerned, and it is understood that further particulars will be made known at an early date. Much interest is being taken in the question, and the general opinion is that the proposals will receive careful attention from all parties interested in the matter.

THE JEWELS RECOVERED.
(Rec. April 24, 5 p.m.)
St. Petersburg, April 23.

The despatch states that the matter was fully considered and discussed at length by those concerned, and it is understood that further particulars will be made known at an early date. Much interest is being taken in the question, and the general opinion is that the proposals will receive careful attention from all parties interested in the matter.

DOCTORS DIFFER.

The despatch states that the matter was fully considered and discussed at length by those concerned, and it is understood that further particulars will be made known at an early date. Much interest is being taken in the question, and the general opinion is that the proposals will receive careful attention from all parties interested in the matter.

The despatch states that the matter was fully considered and discussed at length by those concerned, and it is understood that further particulars will be made known at an early date. Much interest is being taken in the question, and the general opinion is that the proposals will receive careful attention from all parties interested in the matter. The despatch states that the matter was fully considered and discussed at length by those concerned, and it is understood that further particulars will be made known at an early date. Much interest is being taken in the question, and the general opinion is that the proposals will receive careful attention from all parties interested in the matter.

The despatch states that the matter was fully considered and discussed at length by those concerned, and it is understood that further particulars will be made known at an early date. Much interest is being taken in the question, and the general opinion is that the proposals will receive careful attention from all parties interested in the matter.

The despatch states that the matter was fully considered and discussed at length by those concerned, and it is understood that further particulars will be made known at an early date. Much interest is being taken in the question, and the general opinion is that the proposals will receive careful attention from all parties interested in the matter. The despatch states that the matter was fully considered and discussed at length by those concerned, and it is understood that further particulars will be made known at an early date. Much interest is being taken in the question, and the general opinion is that the proposals will receive careful attention from all parties interested in the matter.

MARK TWAIN.
—•—
DEATH-BED INCIDENTS.
—•—
FORTUNE EXCEEDS 1,000,000 DOLLARS.
By Telegraph—Press Association—Copyright
New York, April 22.

The despatch states that the matter was fully considered and discussed at length by those concerned, and it is understood that further particulars will be made known at an early date. Much interest is being taken in the question, and the general opinion is that the proposals will receive careful attention from all parties interested in the matter. The despatch states that the matter was fully considered and discussed at length by those concerned, and it is understood that further particulars will be made known at an early date. Much interest is being taken in the question, and the general opinion is that the proposals will receive careful attention from all parties interested in the matter.

The despatch states that the matter was fully considered and discussed at length by those concerned, and it is understood that further particulars will be made known at an early date. Much interest is being taken in the question, and the general opinion is that the proposals will receive careful attention from all parties interested in the matter.

The despatch states that the matter was fully considered and discussed at length by those concerned, and it is understood that further particulars will be made known at an early date. Much interest is being taken in the question, and the general opinion is that the proposals will receive careful attention from all parties interested in the matter. The despatch states that the matter was fully considered and discussed at length by those concerned, and it is understood that further particulars will be made known at an early date. Much interest is being taken in the question, and the general opinion is that the proposals will receive careful attention from all parties interested in the matter.

The despatch states that the matter was fully considered and discussed at length by those concerned, and it is understood that further particulars will be made known at an early date. Much interest is being taken in the question, and the general opinion is that the proposals will receive careful attention from all parties interested in the matter.

INCIDENTS IN MARK TWAIN'S CAREER.

The despatch states that the matter was fully considered and discussed at length by those concerned, and it is understood that further particulars will be made known at an early date. Much interest is being taken in the question, and the general opinion is that the proposals will receive careful attention from all parties interested in the matter. The despatch states that the matter was fully considered and discussed at length by those concerned, and it is understood that further particulars will be made known at an early date. Much interest is being taken in the question, and the general opinion is that the proposals will receive careful attention from all parties interested in the matter.

The despatch states that the matter was fully considered and discussed at length by those concerned, and it is understood that further particulars will be made known at an early date. Much interest is being taken in the question, and the general opinion is that the proposals will receive careful attention from all parties interested in the matter.

The despatch states that the matter was fully considered and discussed at length by those concerned, and it is understood that further particulars will be made known at an early date. Much interest is being taken in the question, and the general opinion is that the proposals will receive careful attention from all parties interested in the matter. The despatch states that the matter was fully considered and discussed at length by those concerned, and it is understood that further particulars will be made known at an early date. Much interest is being taken in the question, and the general opinion is that the proposals will receive careful attention from all parties interested in the matter.

The despatch states that the matter was fully considered and discussed at length by those concerned, and it is understood that further particulars will be made known at an early date. Much interest is being taken in the question, and the general opinion is that the proposals will receive careful attention from all parties interested in the matter.

The despatch states that the matter was fully considered and discussed at length by those concerned, and it is understood that further particulars will be made known at an early date. Much interest is being taken in the question, and the general opinion is that the proposals will receive careful attention from all parties interested in the matter. The despatch states that the matter was fully considered and discussed at length by those concerned, and it is understood that further particulars will be made known at an early date. Much interest is being taken in the question, and the general opinion is that the proposals will receive careful attention from all parties interested in the matter.

AFTER-DINNER SPEECHES.

The despatch states that the matter was fully considered and discussed at length by those concerned, and it is understood that further particulars will be made known at an early date. Much interest is being taken in the question, and the general opinion is that the proposals will receive careful attention from all parties interested in the matter. The despatch states that the matter was fully considered and discussed at length by those concerned, and it is understood that further particulars will be made known at an early date. Much interest is being taken in the question, and the general opinion is that the proposals will receive careful attention from all parties interested in the matter.

The despatch states that the matter was fully considered and discussed at length by those concerned, and it is understood that further particulars will be made known at an early date. Much interest is being taken in the question, and the general opinion is that the proposals will receive careful attention from all parties interested in the matter.

The despatch states that the matter was fully considered and discussed at length by those concerned, and it is understood that further particulars will be made known at an early date. Much interest is being taken in the question, and the general opinion is that the proposals will receive careful attention from all parties interested in the matter. The despatch states that the matter was fully considered and discussed at length by those concerned, and it is understood that further particulars will be made known at an early date. Much interest is being taken in the question, and the general opinion is that the proposals will receive careful attention from all parties interested in the matter.

The despatch states that the matter was fully considered and discussed at length by those concerned, and it is understood that further particulars will be made known at an early date. Much interest is being taken in the question, and the general opinion is that the proposals will receive careful attention from all parties interested in the matter.

SOME TWAIN STORIES.

The despatch states that the matter was fully considered and discussed at length by those concerned, and it is understood that further particulars will be made known at an early date. Much interest is being taken in the question, and the general opinion is that the proposals will receive careful attention from all parties interested in the matter. The despatch states that the matter was fully considered and discussed at length by those concerned, and it is understood that further particulars will be made known at an early date. Much interest is being taken in the question, and the general opinion is that the proposals will receive careful attention from all parties interested in the matter.

The despatch states that the matter was fully considered and discussed at length by those concerned, and it is understood that further particulars will be made known at an early date. Much interest is being taken in the question, and the general opinion is that the proposals will receive careful attention from all parties interested in the matter.

The despatch states that the matter was fully considered and discussed at length by those concerned, and it is understood that further particulars will be made known at an early date. Much interest is being taken in the question, and the general opinion is that the proposals will receive careful attention from all parties interested in the matter. The despatch states that the matter was fully considered and discussed at length by those concerned, and it is understood that further particulars will be made known at an early date. Much interest is being taken in the question, and the general opinion is that the proposals will receive careful attention from all parties interested in the matter.

The despatch states that the matter was fully considered and discussed at length by those concerned, and it is understood that further particulars will be made known at an early date. Much interest is being taken in the question, and the general opinion is that the proposals will receive careful attention from all parties interested in the matter.

The despatch states that the matter was fully considered and discussed at length by those concerned, and it is understood that further particulars will be made known at an early date. Much interest is being taken in the question, and the general opinion is that the proposals will receive careful attention from all parties interested in the matter. The despatch states that the matter was fully considered and discussed at length by those concerned, and it is understood that further particulars will be made known at an early date. Much interest is being taken in the question, and the general opinion is that the proposals will receive careful attention from all parties interested in the matter.

The despatch states that the matter was fully considered and discussed at length by those concerned, and it is understood that further particulars will be made known at an early date. Much interest is being taken in the question, and the general opinion is that the proposals will receive careful attention from all parties interested in the matter.
